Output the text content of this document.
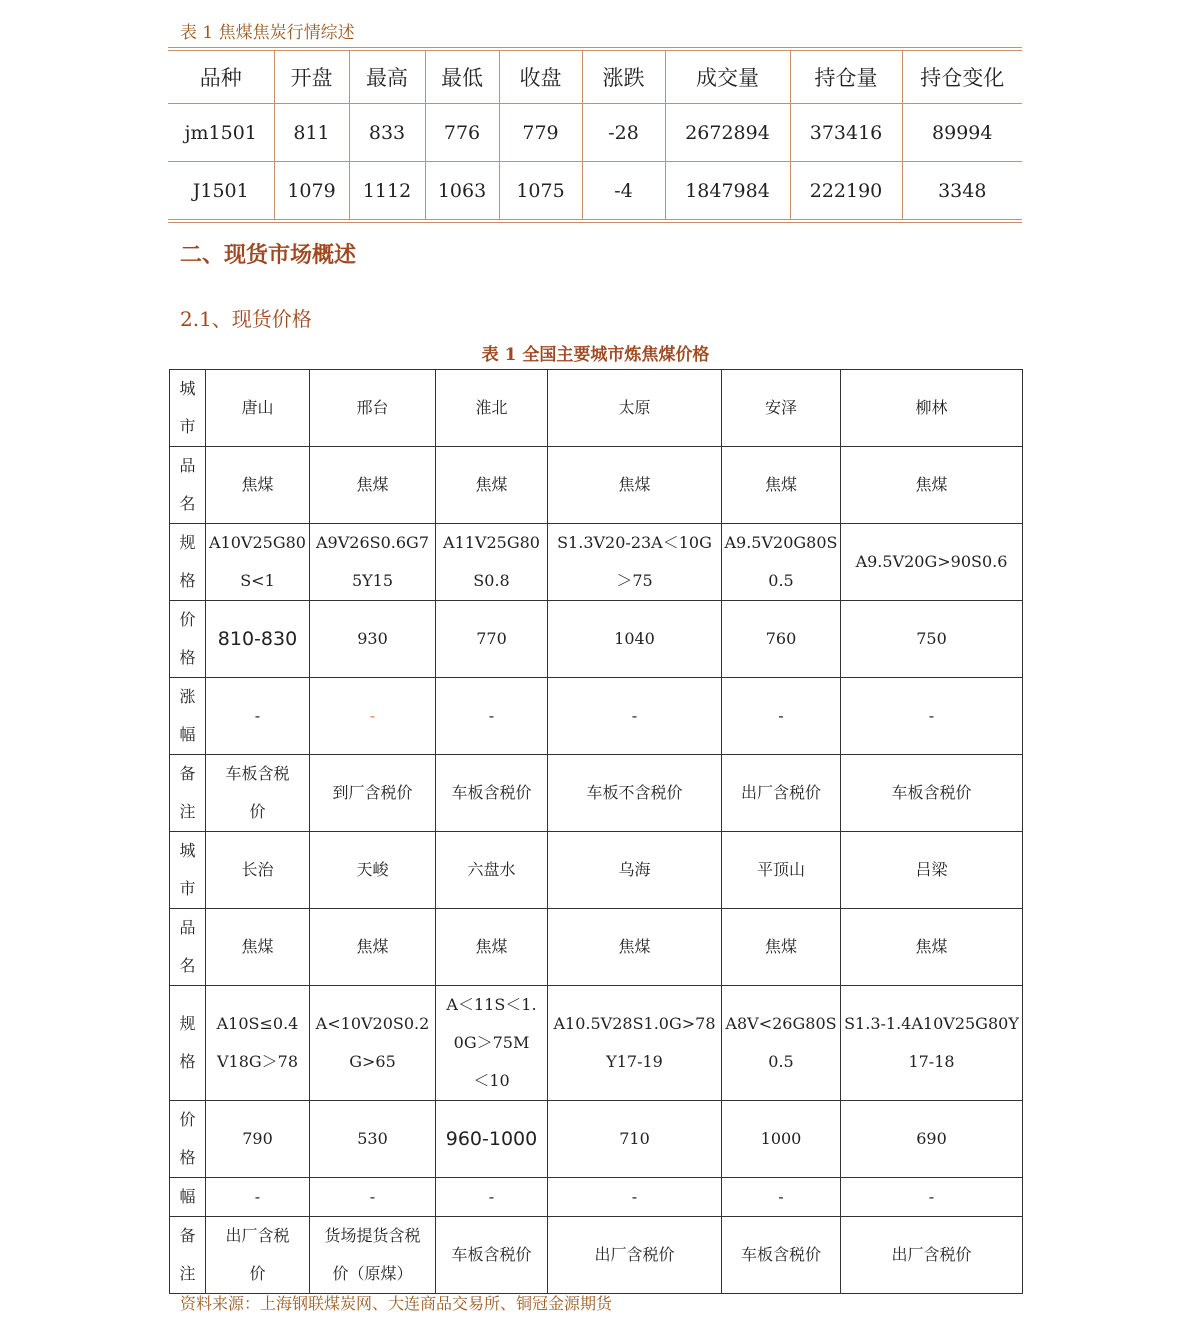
表 1 焦煤焦炭行情综述
品种	开盘	最高	最低	收盘	涨跌	成交量	持仓量	持仓变化
jm1501	811	833	776	779	-28	2672894	373416	89994
J1501	1079	1112	1063	1075	-4	1847984	222190	3348
二、现货市场概述
2.1、现货价格
表 1 全国主要城市炼焦煤价格
城市	唐山	邢台	淮北	太原	安泽	柳林

品名	焦煤	焦煤	焦煤	焦煤	焦煤	焦煤

规格	A10V25G80S<1	A9V26S0.6G75Y15	A11V25G80S0.8	S1.3V20-23A＜10G＞75	A9.5V20G80S0.5	A9.5V20G>90S0.6

价格	810-830	930	770	1040	760	750

涨幅	-	-	-	-	-	-

备注	车板含税价	到厂含税价	车板含税价	车板不含税价	出厂含税价	车板含税价

城市	长治	天峻	六盘水	乌海	平顶山	吕梁

品名	焦煤	焦煤	焦煤	焦煤	焦煤	焦煤

规格	A10S≤0.4V18G＞78	A<10V20S0.2G>65	A＜11S＜1.0G＞75M＜10	A10.5V28S1.0G>78Y17-19	A8V<26G80S0.5	S1.3-1.4A10V25G80Y17-18

价格	790	530	960-1000	710	1000	690
幅	-	-	-	-	-	-

备注	出厂含税价	货场提货含税价（原煤）	车板含税价	出厂含税价	车板含税价	出厂含税价
资料来源：上海钢联煤炭网、大连商品交易所、铜冠金源期货
